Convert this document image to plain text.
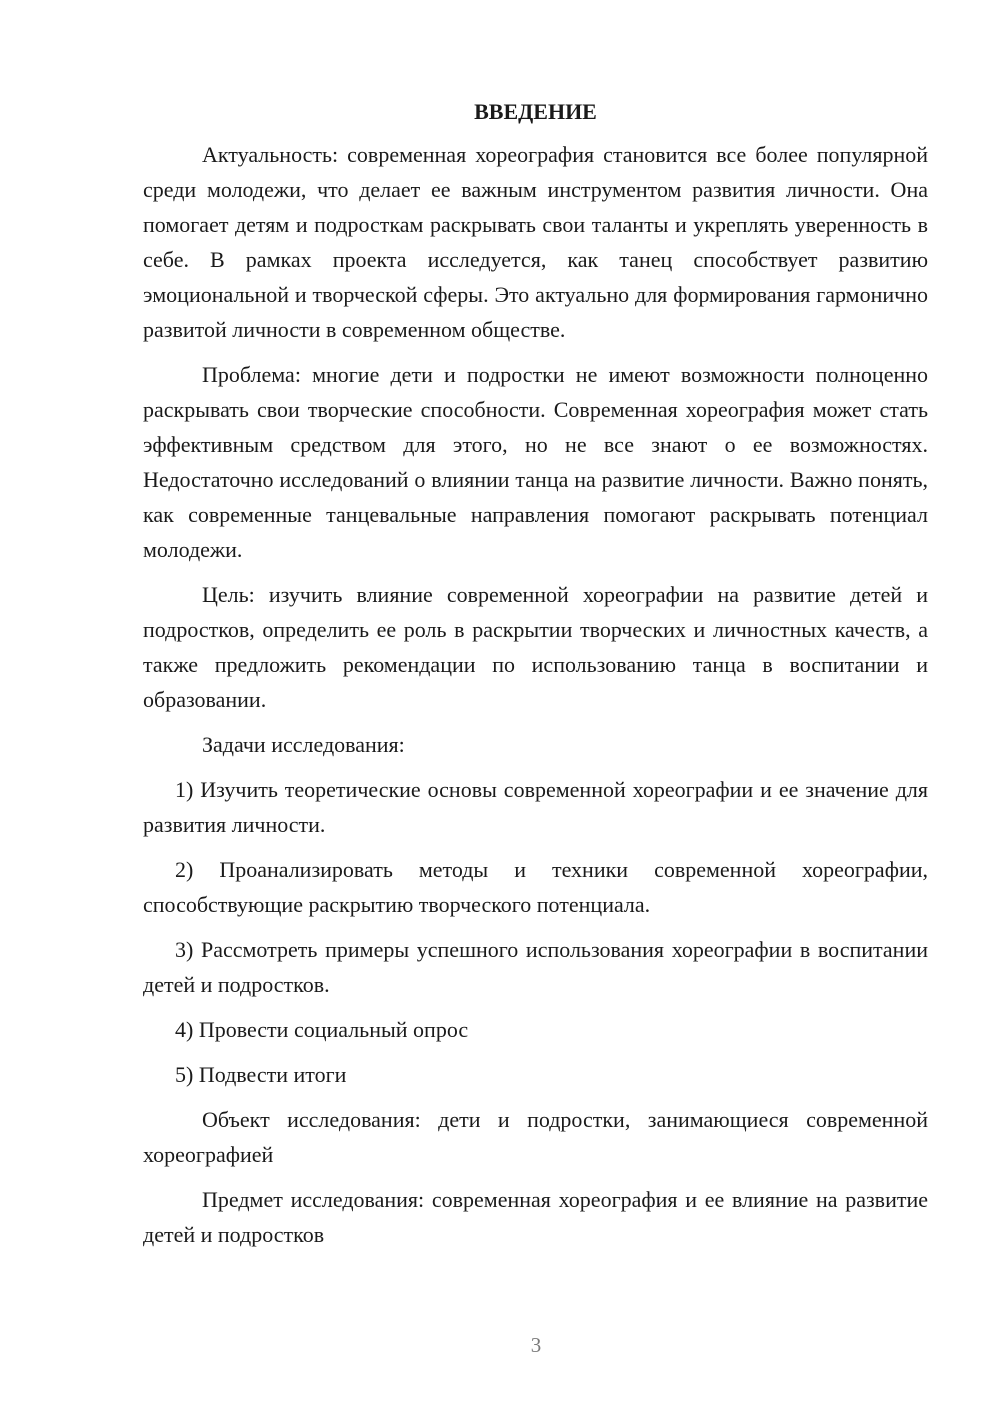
ВВЕДЕНИЕ

Актуальность: современная хореография становится все более популярной среди молодежи, что делает ее важным инструментом развития личности. Она помогает детям и подросткам раскрывать свои таланты и укреплять уверенность в себе. В рамках проекта исследуется, как танец способствует развитию эмоциональной и творческой сферы. Это актуально для формирования гармонично развитой личности в современном обществе.

Проблема: многие дети и подростки не имеют возможности полноценно раскрывать свои творческие способности. Современная хореография может стать эффективным средством для этого, но не все знают о ее возможностях. Недостаточно исследований о влиянии танца на развитие личности. Важно понять, как современные танцевальные направления помогают раскрывать потенциал молодежи.

Цель: изучить влияние современной хореографии на развитие детей и подростков, определить ее роль в раскрытии творческих и личностных качеств, а также предложить рекомендации по использованию танца в воспитании и образовании.

Задачи исследования:

1) Изучить теоретические основы современной хореографии и ее значение для развития личности.

2) Проанализировать методы и техники современной хореографии, способствующие раскрытию творческого потенциала.

3) Рассмотреть примеры успешного использования хореографии в воспитании детей и подростков.

4) Провести социальный опрос

5) Подвести итоги

Объект исследования: дети и подростки, занимающиеся современной хореографией

Предмет исследования: современная хореография и ее влияние на развитие детей и подростков

3
